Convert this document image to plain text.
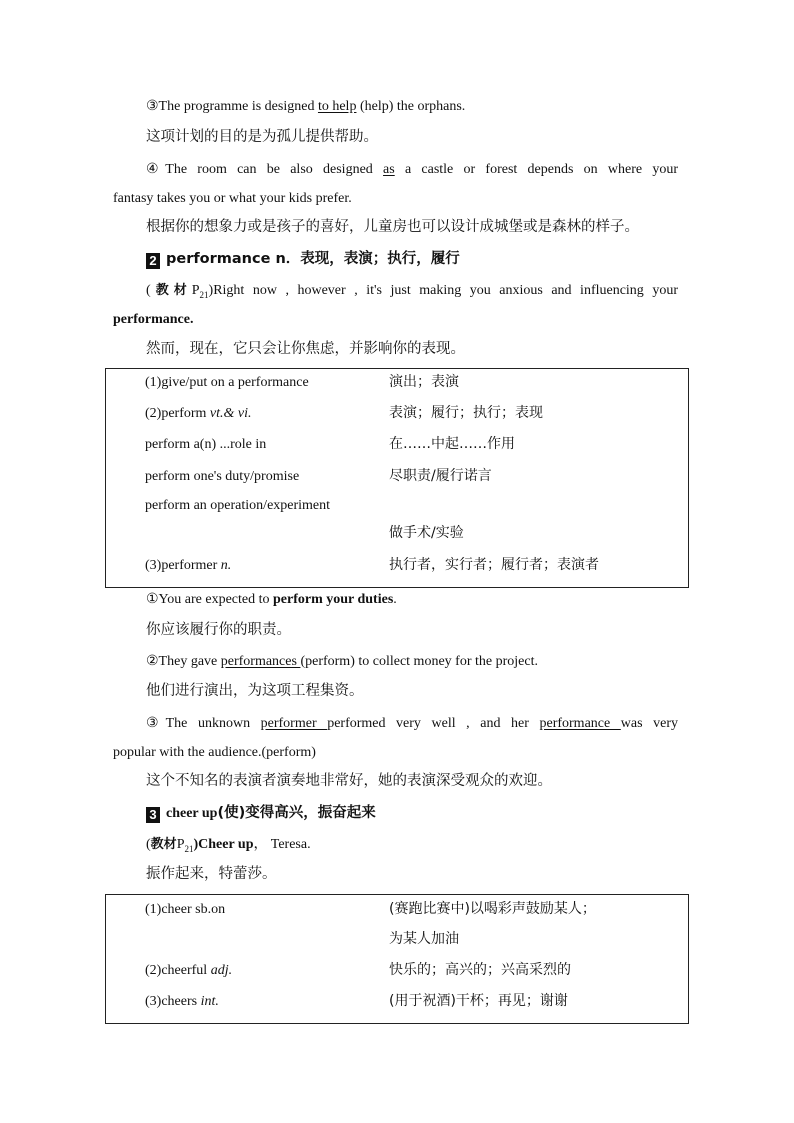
③The programme is designed to help (help) the orphans.
这项计划的目的是为孤儿提供帮助。
④The room can be also designed as a castle or forest depends on where your
fantasy takes you or what your kids prefer.
根据你的想象力或是孩子的喜好，儿童房也可以设计成城堡或是森林的样子。
2 performance n．表现，表演；执行，履行
(教材$P_{21})Right$ now , however , it's just making you anxious and influencing your
performance.
然而，现在，它只会让你焦虑，并影响你的表现。
(1)give/put on a performance	演出；表演
(2)perform vt.& vi.	表演；履行；执行；表现
perform a(n) ...role in	在……中起……作用
perform one's duty/promise	尽职责/履行诺言
perform an operation/experiment
做手术/实验
(3)performer n.	执行者，实行者；履行者；表演者
①You are expected to perform your duties.
你应该履行你的职责。
②They gave performances (perform) to collect money for the project.
他们进行演出，为这项工程集资。
③The unknown performer performed very well , and her performance was very
popular with the audience.(perform)
这个不知名的表演者演奏地非常好，她的表演深受观众的欢迎。
3 cheer up(使)变得高兴，振奋起来
(教材$P_{21})Cheer$ up， Teresa.
振作起来，特蕾莎。
(1)cheer sb.on	(赛跑比赛中)以喝彩声鼓励某人；
为某人加油
(2)cheerful adj.	快乐的；高兴的；兴高采烈的
(3)cheers int.	(用于祝酒)干杯；再见；谢谢
